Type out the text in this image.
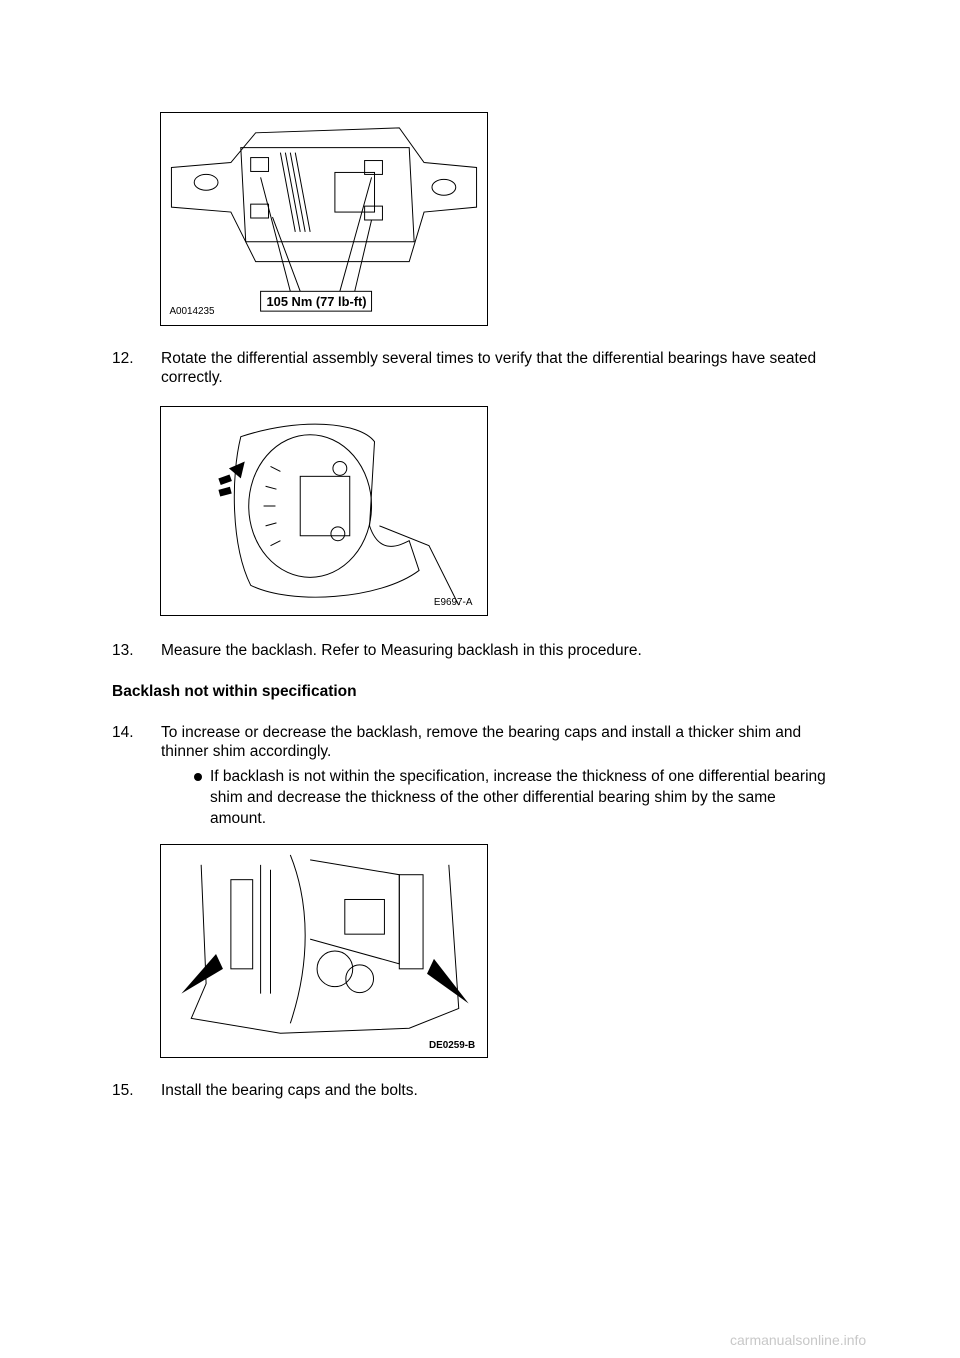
105 Nm (77 lb-ft)
A0014235
12.	Rotate the differential assembly several times to verify that the differential bearings have seated correctly.
E9697-A
13.	Measure the backlash. Refer to Measuring backlash in this procedure.
Backlash not within specification
14.	To increase or decrease the backlash, remove the bearing caps and install a thicker shim and thinner shim accordingly.
If backlash is not within the specification, increase the thickness of one differential bearing shim and decrease the thickness of the other differential bearing shim by the same amount.
DE0259-B
15.	Install the bearing caps and the bolts.
carmanualsonline.info
